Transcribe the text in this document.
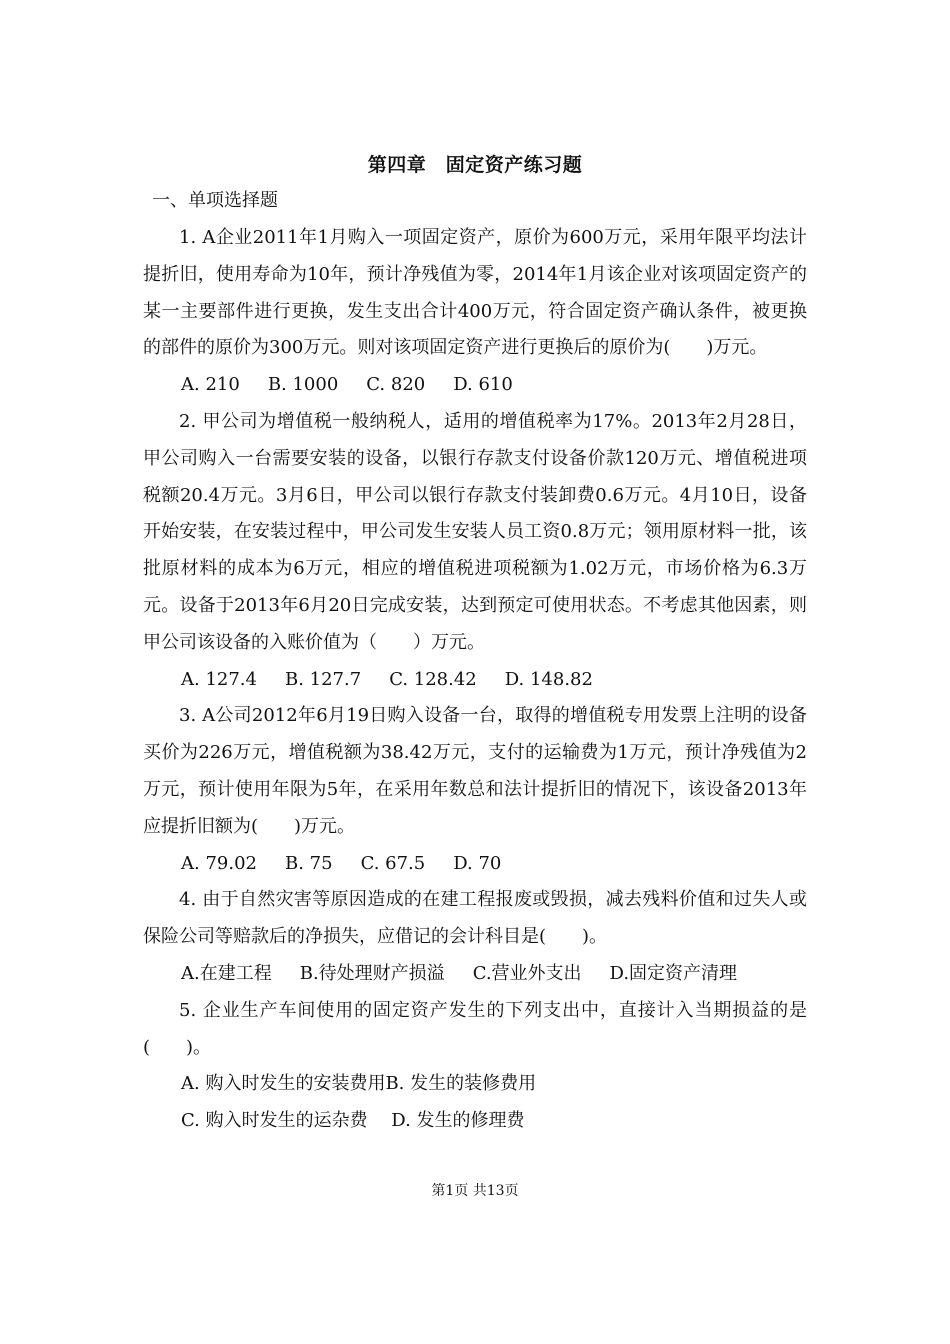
第四章　固定资产练习题
一、单项选择题

1. A企业2011年1月购入一项固定资产，原价为600万元，采用年限平均法计提折旧，使用寿命为10年，预计净残值为零，2014年1月该企业对该项固定资产的某一主要部件进行更换，发生支出合计400万元，符合固定资产确认条件，被更换的部件的原价为300万元。则对该项固定资产进行更换后的原价为(　　)万元。

A. 210 B. 1000 C. 820 D. 610

2. 甲公司为增值税一般纳税人，适用的增值税率为17%。2013年2月28日，甲公司购入一台需要安装的设备，以银行存款支付设备价款120万元、增值税进项税额20.4万元。3月6日，甲公司以银行存款支付装卸费0.6万元。4月10日，设备开始安装，在安装过程中，甲公司发生安装人员工资0.8万元；领用原材料一批，该批原材料的成本为6万元，相应的增值税进项税额为1.02万元，市场价格为6.3万元。设备于2013年6月20日完成安装，达到预定可使用状态。不考虑其他因素，则甲公司该设备的入账价值为（　　）万元。

A. 127.4 B. 127.7 C. 128.42 D. 148.82

3. A公司2012年6月19日购入设备一台，取得的增值税专用发票上注明的设备买价为226万元，增值税额为38.42万元，支付的运输费为1万元，预计净残值为2万元，预计使用年限为5年，在采用年数总和法计提折旧的情况下，该设备2013年应提折旧额为(　　)万元。

A. 79.02 B. 75 C. 67.5 D. 70

4. 由于自然灾害等原因造成的在建工程报废或毁损，减去残料价值和过失人或保险公司等赔款后的净损失，应借记的会计科目是(　　)。

A.在建工程 B.待处理财产损溢 C.营业外支出 D.固定资产清理

5. 企业生产车间使用的固定资产发生的下列支出中，直接计入当期损益的是(　　)。

A. 购入时发生的安装费用B. 发生的装修费用
C. 购入时发生的运杂费　 D. 发生的修理费
第1页 共13页
